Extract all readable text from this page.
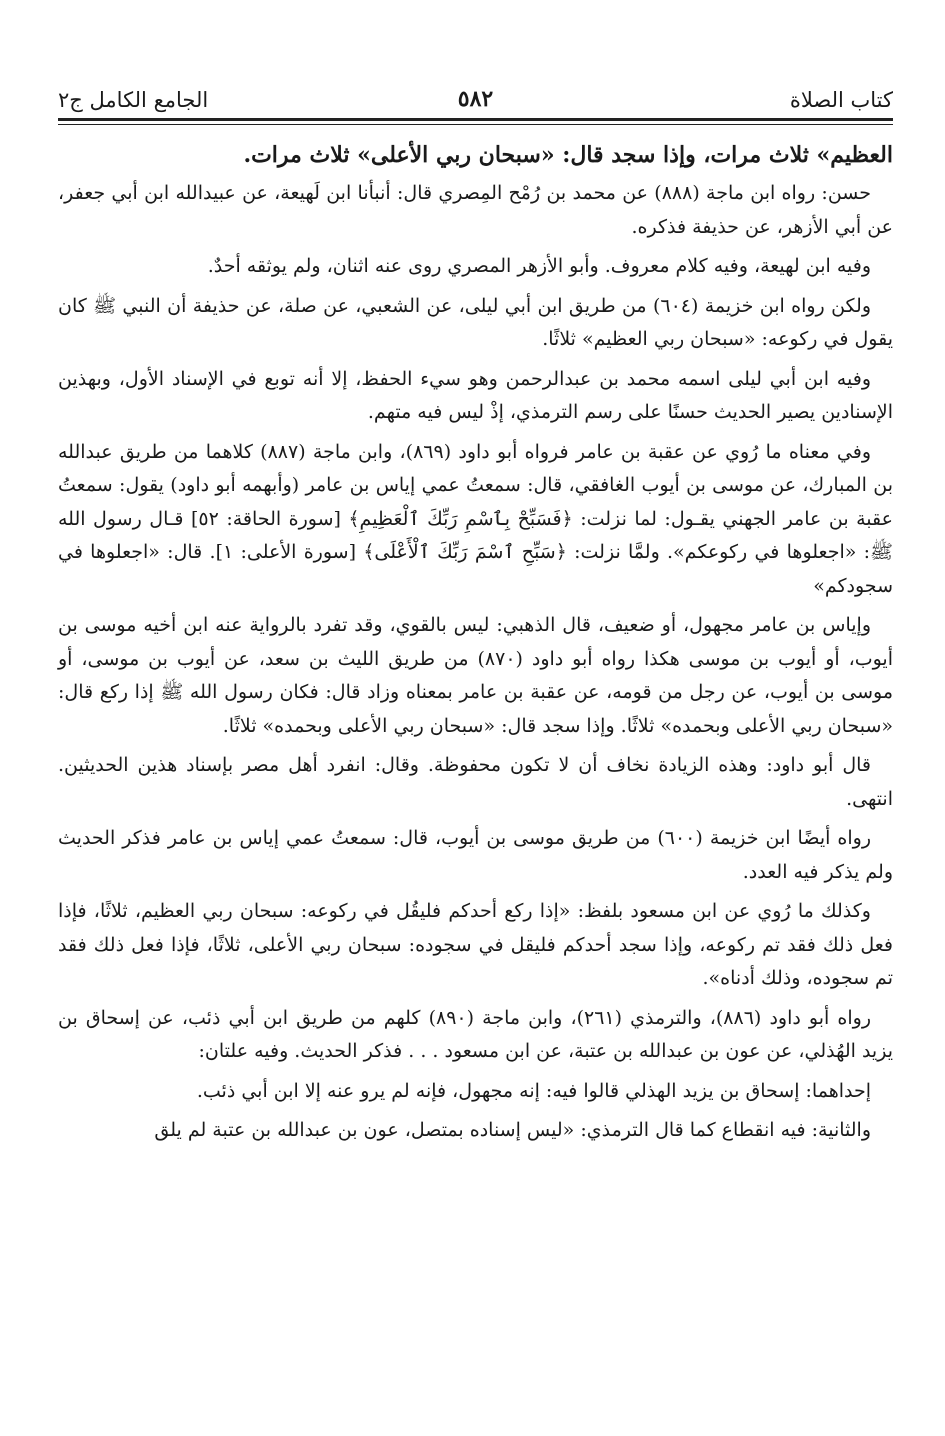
كتاب الصلاة
٥٨٢
الجامع الكامل ج٢

العظيم» ثلاث مرات، وإذا سجد قال: «سبحان ربي الأعلى» ثلاث مرات.

حسن: رواه ابن ماجة (٨٨٨) عن محمد بن رُمْح المِصري قال: أنبأنا ابن لَهيعة، عن عبيدالله ابن أبي جعفر، عن أبي الأزهر، عن حذيفة فذكره.

وفيه ابن لهيعة، وفيه كلام معروف. وأبو الأزهر المصري روى عنه اثنان، ولم يوثقه أحدٌ.

ولكن رواه ابن خزيمة (٦٠٤) من طريق ابن أبي ليلى، عن الشعبي، عن صلة، عن حذيفة أن النبي ﷺ كان يقول في ركوعه: «سبحان ربي العظيم» ثلاثًا.

وفيه ابن أبي ليلى اسمه محمد بن عبدالرحمن وهو سيء الحفظ، إلا أنه توبع في الإسناد الأول، وبهذين الإسنادين يصير الحديث حسنًا على رسم الترمذي، إذْ ليس فيه متهم.

وفي معناه ما رُوي عن عقبة بن عامر فرواه أبو داود (٨٦٩)، وابن ماجة (٨٨٧) كلاهما من طريق عبدالله بن المبارك، عن موسى بن أيوب الغافقي، قال: سمعتُ عمي إياس بن عامر (وأبهمه أبو داود) يقول: سمعتُ عقبة بن عامر الجهني يقـول: لما نزلت: ﴿فَسَبِّحْ بِٱسْمِ رَبِّكَ ٱلْعَظِيمِ﴾ [سورة الحاقة: ٥٢] قـال رسول الله ﷺ: «اجعلوها في ركوعكم». ولمَّا نزلت: ﴿سَبِّحِ ٱسْمَ رَبِّكَ ٱلْأَعْلَى﴾ [سورة الأعلى: ١]. قال: «اجعلوها في سجودكم»

وإياس بن عامر مجهول، أو ضعيف، قال الذهبي: ليس بالقوي، وقد تفرد بالرواية عنه ابن أخيه موسى بن أيوب، أو أيوب بن موسى هكذا رواه أبو داود (٨٧٠) من طريق الليث بن سعد، عن أيوب بن موسى، أو موسى بن أيوب، عن رجل من قومه، عن عقبة بن عامر بمعناه وزاد قال: فكان رسول الله ﷺ إذا ركع قال: «سبحان ربي الأعلى وبحمده» ثلاثًا. وإذا سجد قال: «سبحان ربي الأعلى وبحمده» ثلاثًا.

قال أبو داود: وهذه الزيادة نخاف أن لا تكون محفوظة. وقال: انفرد أهل مصر بإسناد هذين الحديثين. انتهى.

رواه أيضًا ابن خزيمة (٦٠٠) من طريق موسى بن أيوب، قال: سمعتُ عمي إياس بن عامر فذكر الحديث ولم يذكر فيه العدد.

وكذلك ما رُوي عن ابن مسعود بلفظ: «إذا ركع أحدكم فليقُل في ركوعه: سبحان ربي العظيم، ثلاثًا، فإذا فعل ذلك فقد تم ركوعه، وإذا سجد أحدكم فليقل في سجوده: سبحان ربي الأعلى، ثلاثًا، فإذا فعل ذلك فقد تم سجوده، وذلك أدناه».

رواه أبو داود (٨٨٦)، والترمذي (٢٦١)، وابن ماجة (٨٩٠) كلهم من طريق ابن أبي ذئب، عن إسحاق بن يزيد الهُذلي، عن عون بن عبدالله بن عتبة، عن ابن مسعود . . . فذكر الحديث. وفيه علتان:

إحداهما: إسحاق بن يزيد الهذلي قالوا فيه: إنه مجهول، فإنه لم يرو عنه إلا ابن أبي ذئب.

والثانية: فيه انقطاع كما قال الترمذي: «ليس إسناده بمتصل، عون بن عبدالله بن عتبة لم يلق
